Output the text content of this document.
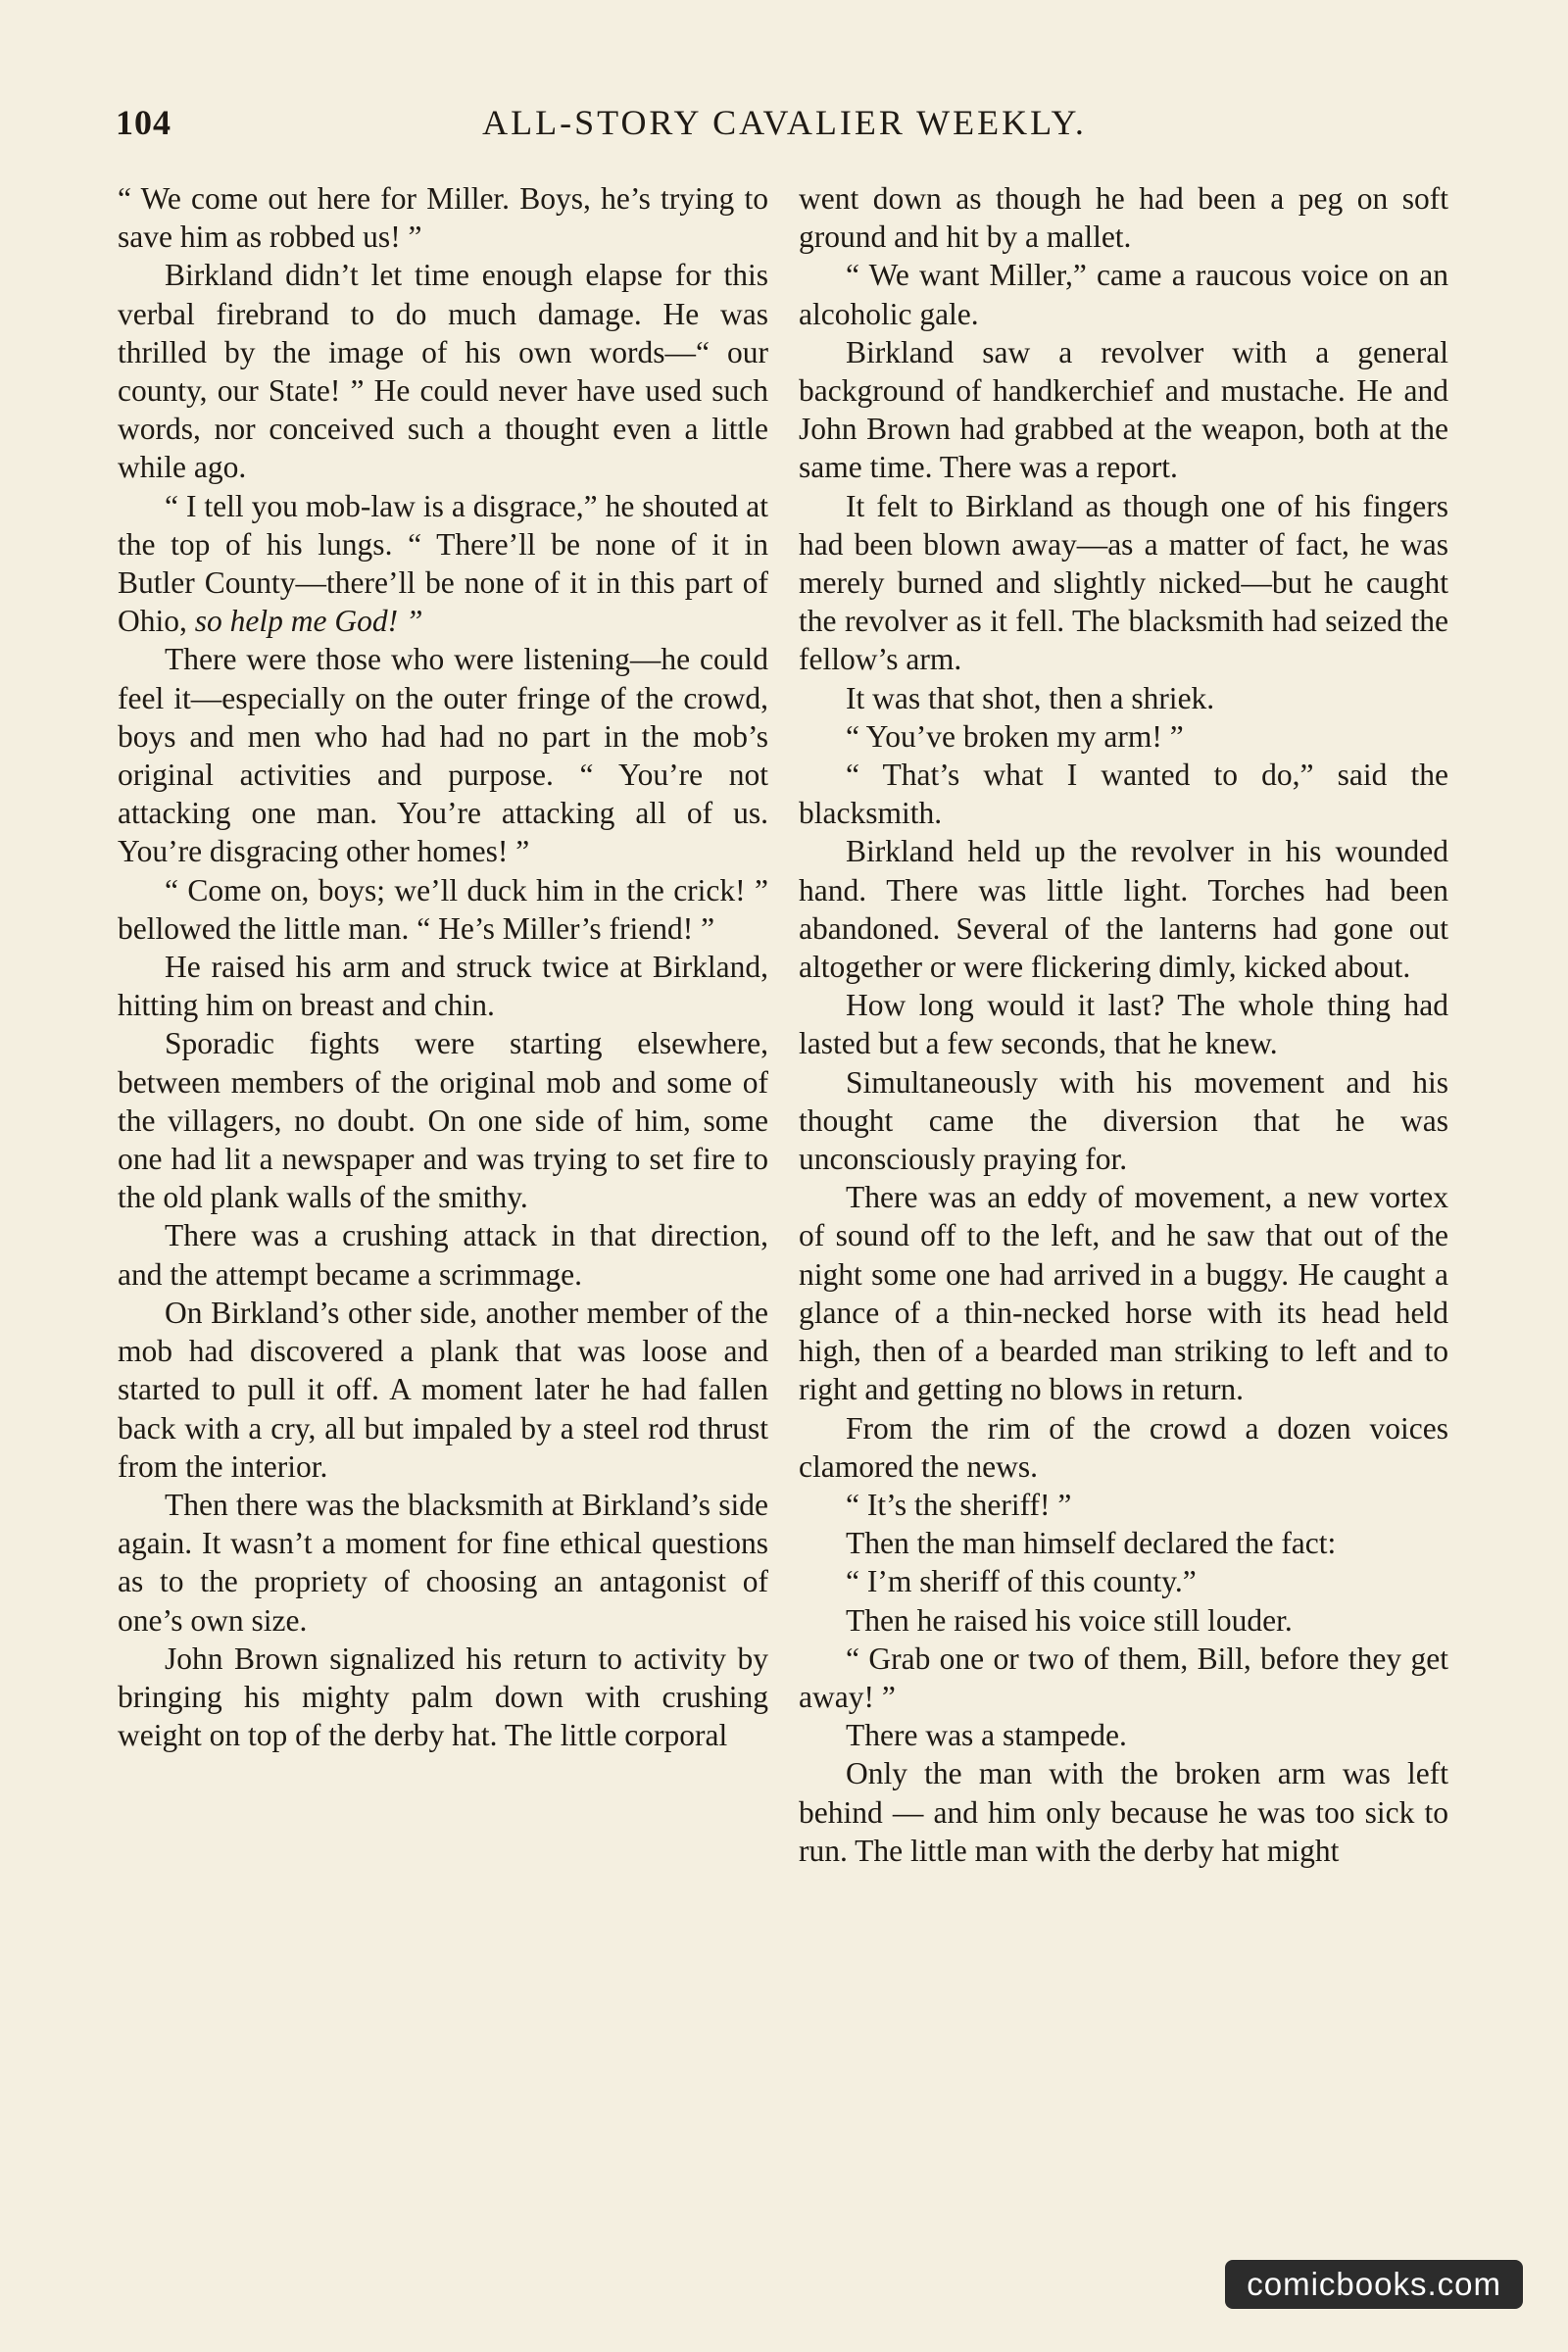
104	ALL-STORY CAVALIER WEEKLY.

“ We come out here for Miller. Boys, he’s trying to save him as robbed us! ”

Birkland didn’t let time enough elapse for this verbal firebrand to do much damage. He was thrilled by the image of his own words—“ our county, our State! ” He could never have used such words, nor conceived such a thought even a little while ago.

“ I tell you mob-law is a disgrace,” he shouted at the top of his lungs. “ There’ll be none of it in Butler County—there’ll be none of it in this part of Ohio, so help me God! ”

There were those who were listening—he could feel it—especially on the outer fringe of the crowd, boys and men who had had no part in the mob’s original activities and purpose. “ You’re not attacking one man. You’re attacking all of us. You’re disgracing other homes! ”

“ Come on, boys; we’ll duck him in the crick! ” bellowed the little man. “ He’s Miller’s friend! ”

He raised his arm and struck twice at Birkland, hitting him on breast and chin.

Sporadic fights were starting elsewhere, between members of the original mob and some of the villagers, no doubt. On one side of him, some one had lit a newspaper and was trying to set fire to the old plank walls of the smithy.

There was a crushing attack in that direction, and the attempt became a scrimmage.

On Birkland’s other side, another member of the mob had discovered a plank that was loose and started to pull it off. A moment later he had fallen back with a cry, all but impaled by a steel rod thrust from the interior.

Then there was the blacksmith at Birkland’s side again. It wasn’t a moment for fine ethical questions as to the propriety of choosing an antagonist of one’s own size.

John Brown signalized his return to activity by bringing his mighty palm down with crushing weight on top of the derby hat. The little corporal

went down as though he had been a peg on soft ground and hit by a mallet.

“ We want Miller,” came a raucous voice on an alcoholic gale.

Birkland saw a revolver with a general background of handkerchief and mustache. He and John Brown had grabbed at the weapon, both at the same time. There was a report.

It felt to Birkland as though one of his fingers had been blown away—as a matter of fact, he was merely burned and slightly nicked—but he caught the revolver as it fell. The blacksmith had seized the fellow’s arm.

It was that shot, then a shriek.

“ You’ve broken my arm! ”

“ That’s what I wanted to do,” said the blacksmith.

Birkland held up the revolver in his wounded hand. There was little light. Torches had been abandoned. Several of the lanterns had gone out altogether or were flickering dimly, kicked about.

How long would it last? The whole thing had lasted but a few seconds, that he knew.

Simultaneously with his movement and his thought came the diversion that he was unconsciously praying for.

There was an eddy of movement, a new vortex of sound off to the left, and he saw that out of the night some one had arrived in a buggy. He caught a glance of a thin-necked horse with its head held high, then of a bearded man striking to left and to right and getting no blows in return.

From the rim of the crowd a dozen voices clamored the news.

“ It’s the sheriff! ”

Then the man himself declared the fact:

“ I’m sheriff of this county.”

Then he raised his voice still louder.

“ Grab one or two of them, Bill, before they get away! ”

There was a stampede.

Only the man with the broken arm was left behind — and him only because he was too sick to run. The little man with the derby hat might

comicbooks.com
